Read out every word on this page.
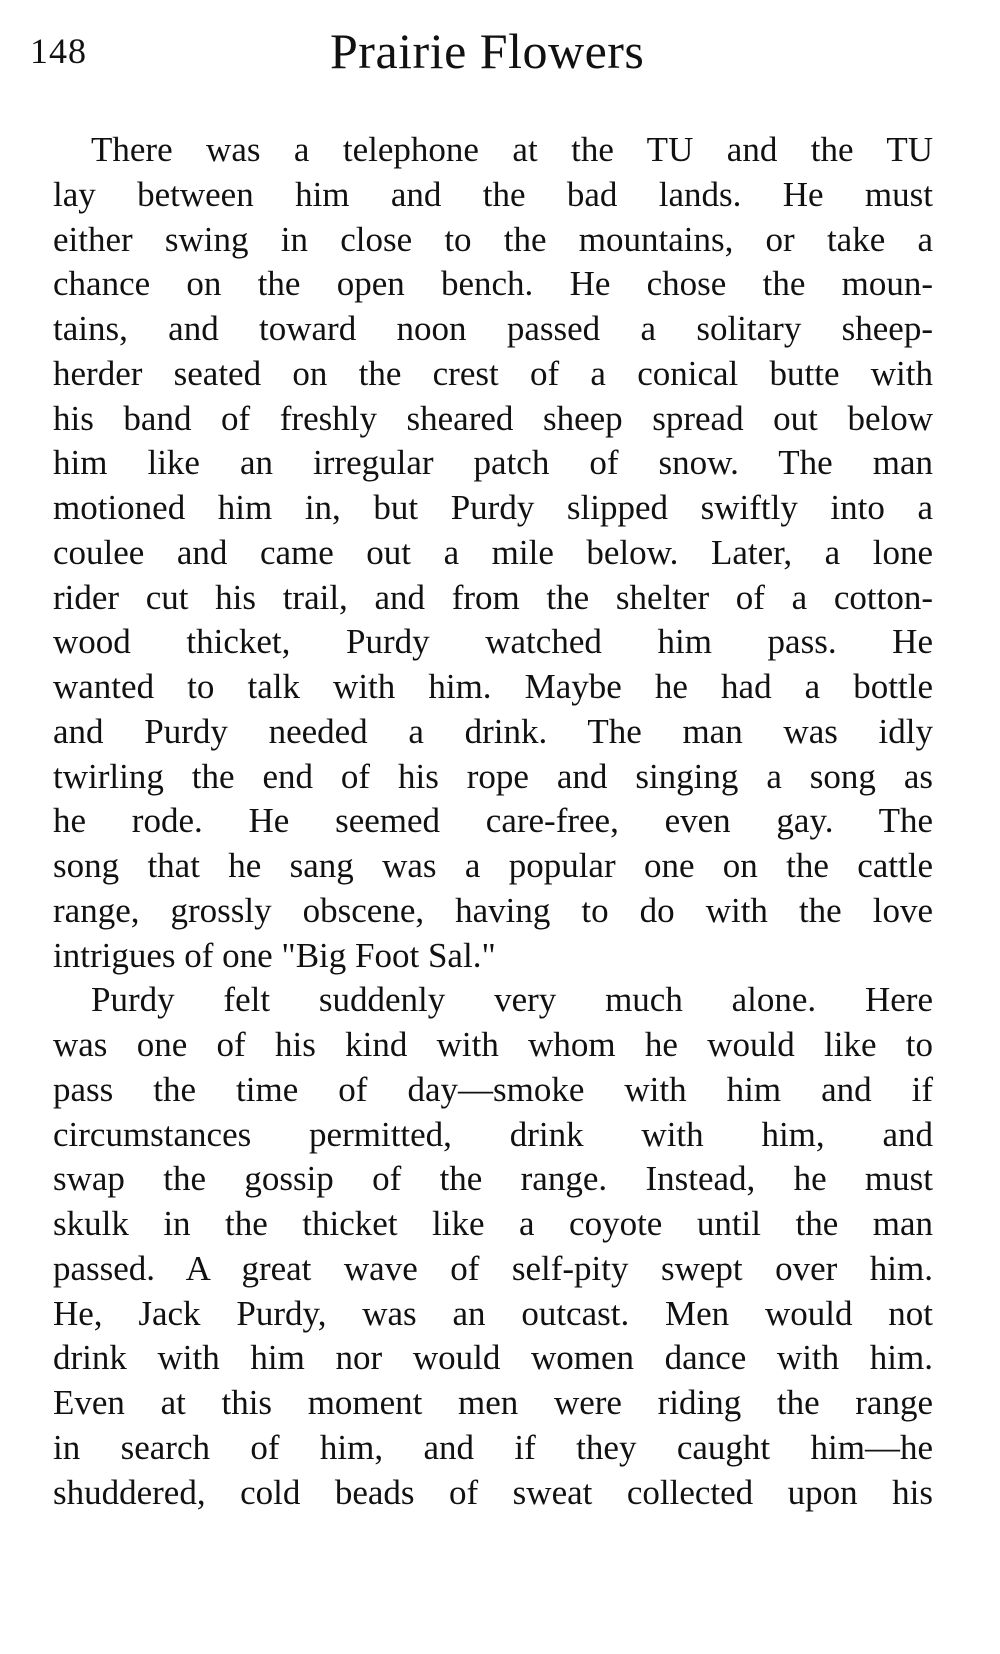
148	Prairie Flowers
There was a telephone at the TU and the TU
lay between him and the bad lands. He must
either swing in close to the mountains, or take a
chance on the open bench. He chose the moun-
tains, and toward noon passed a solitary sheep-
herder seated on the crest of a conical butte with
his band of freshly sheared sheep spread out below
him like an irregular patch of snow. The man
motioned him in, but Purdy slipped swiftly into a
coulee and came out a mile below. Later, a lone
rider cut his trail, and from the shelter of a cotton-
wood thicket, Purdy watched him pass. He
wanted to talk with him. Maybe he had a bottle
and Purdy needed a drink. The man was idly
twirling the end of his rope and singing a song as
he rode. He seemed care-free, even gay. The
song that he sang was a popular one on the cattle
range, grossly obscene, having to do with the love
intrigues of one "Big Foot Sal."
Purdy felt suddenly very much alone. Here
was one of his kind with whom he would like to
pass the time of day—smoke with him and if
circumstances permitted, drink with him, and
swap the gossip of the range. Instead, he must
skulk in the thicket like a coyote until the man
passed. A great wave of self-pity swept over him.
He, Jack Purdy, was an outcast. Men would not
drink with him nor would women dance with him.
Even at this moment men were riding the range
in search of him, and if they caught him—he
shuddered, cold beads of sweat collected upon his
